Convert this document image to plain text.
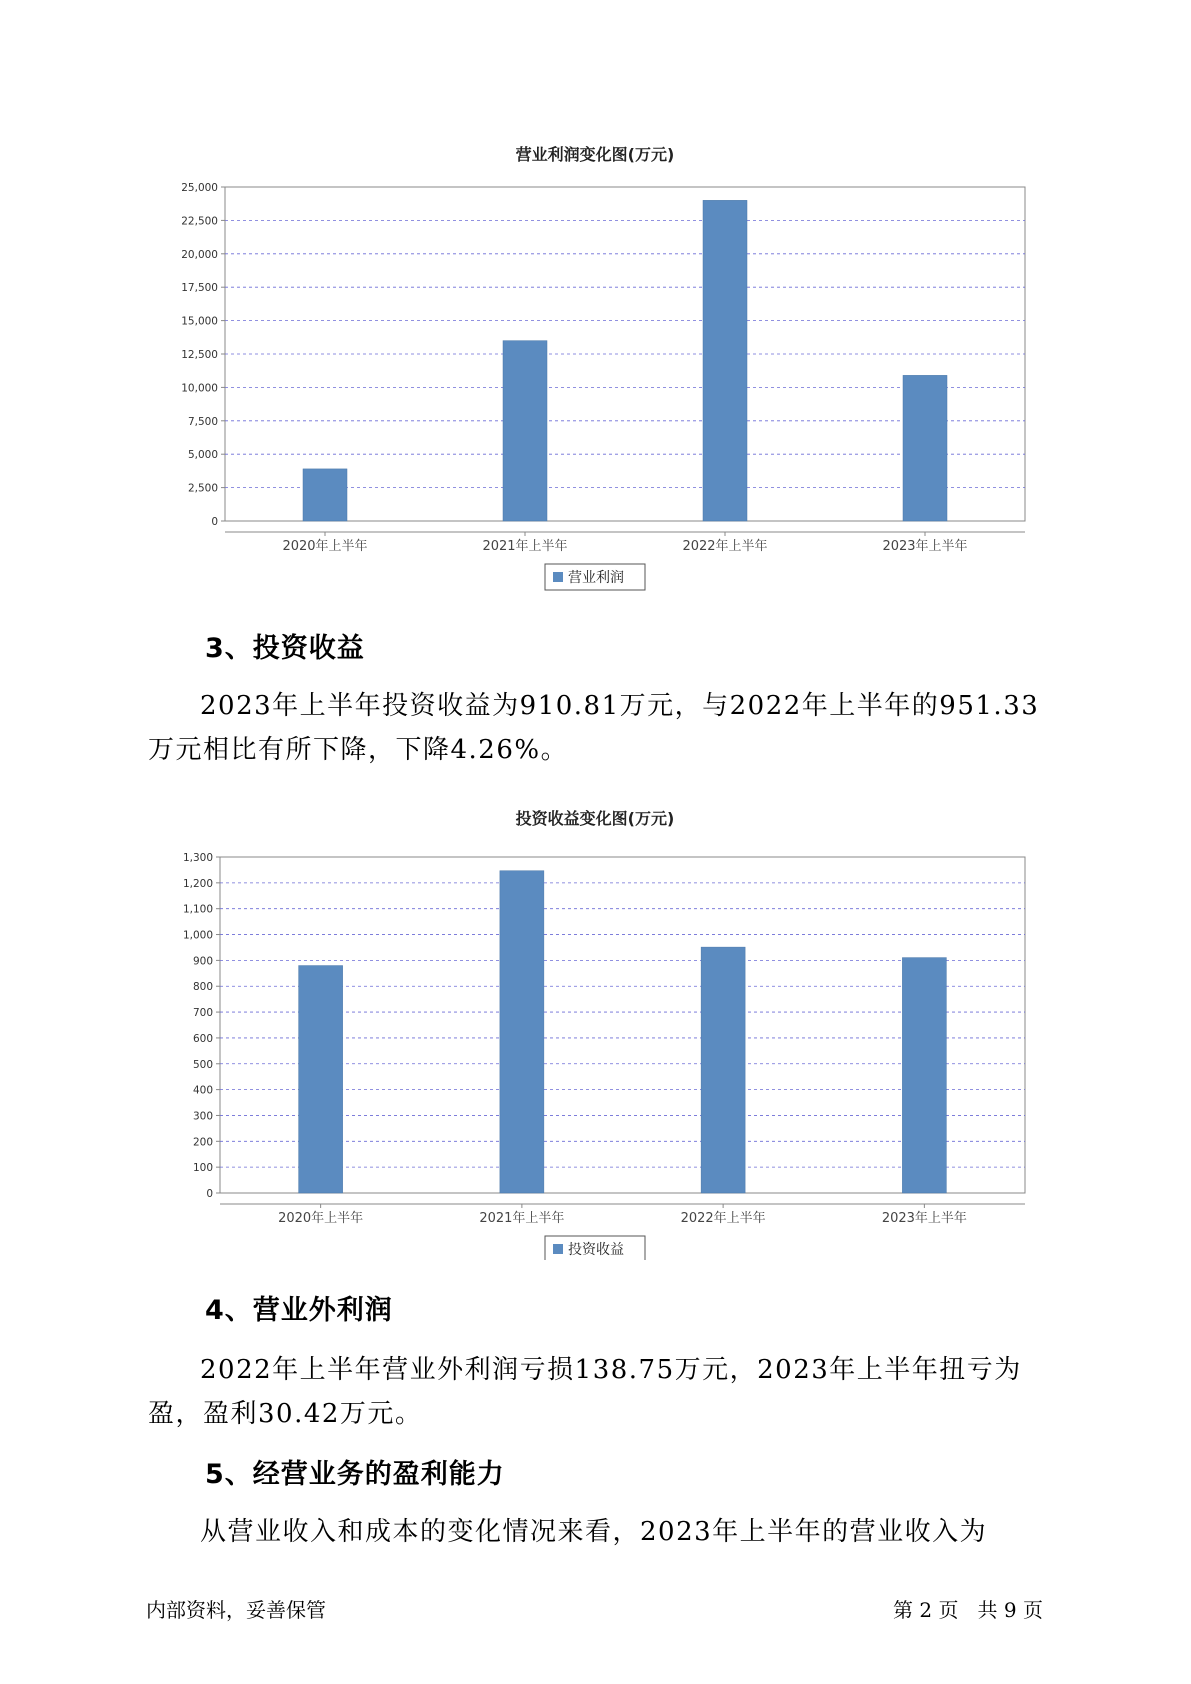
营业利润变化图(万元)
0
2,500
5,000
7,500
10,000
12,500
15,000
17,500
20,000
22,500
25,000
2020年上半年	2021年上半年	2022年上半年	2023年上半年
营业利润
3、投资收益

2023年上半年投资收益为910.81万元，与2022年上半年的951.33万元相比有所下降，下降4.26%。

投资收益变化图(万元)
0
100
200
300
400
500
600
700
800
900
1,000
1,100
1,200
1,300
2020年上半年	2021年上半年	2022年上半年	2023年上半年
投资收益
4、营业外利润

2022年上半年营业外利润亏损138.75万元，2023年上半年扭亏为盈，盈利30.42万元。

5、经营业务的盈利能力

从营业收入和成本的变化情况来看，2023年上半年的营业收入为

内部资料，妥善保管	第 2 页   共 9 页
